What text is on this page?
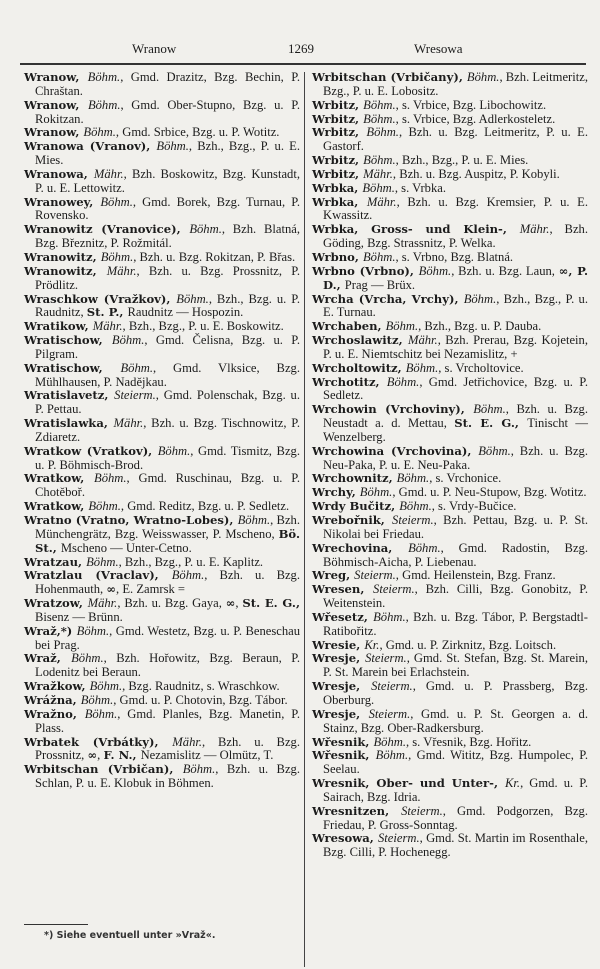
Wranow	1269	Wresowa
Wranow, Böhm., Gmd. Drazitz, Bzg. Bechin, P. Chraštan.
Wranow, Böhm., Gmd. Ober-Stupno, Bzg. u. P. Rokitzan.
Wranow, Böhm., Gmd. Srbice, Bzg. u. P. Wotitz.
Wranowa (Vranov), Böhm., Bzh., Bzg., P. u. E. Mies.
Wranowa, Mähr., Bzh. Boskowitz, Bzg. Kunstadt, P. u. E. Lettowitz.
Wranowey, Böhm., Gmd. Borek, Bzg. Turnau, P. Rovensko.
Wranowitz (Vranovice), Böhm., Bzh. Blatná, Bzg. Březnitz, P. Rožmitál.
Wranowitz, Böhm., Bzh. u. Bzg. Rokitzan, P. Břas.
Wranowitz, Mähr., Bzh. u. Bzg. Prossnitz, P. Prödlitz.
Wraschkow (Vražkov), Böhm., Bzh., Bzg. u. P. Raudnitz, St. P., Raudnitz — Hospozin.
Wratikow, Mähr., Bzh., Bzg., P. u. E. Boskowitz.
Wratischow, Böhm., Gmd. Čelisna, Bzg. u. P. Pilgram.
Wratischow, Böhm., Gmd. Vlksice, Bzg. Mühlhausen, P. Nadějkau.
Wratislavetz, Steierm., Gmd. Polenschak, Bzg. u. P. Pettau.
Wratislawka, Mähr., Bzh. u. Bzg. Tischnowitz, P. Zdiaretz.
Wratkow (Vratkov), Böhm., Gmd. Tismitz, Bzg. u. P. Böhmisch-Brod.
Wratkow, Böhm., Gmd. Ruschinau, Bzg. u. P. Chotěboř.
Wratkow, Böhm., Gmd. Reditz, Bzg. u. P. Sedletz.
Wratno (Vratno, Wratno-Lobes), Böhm., Bzh. Münchengrätz, Bzg. Weisswasser, P. Mscheno, Bö. St., Mscheno — Unter-Cetno.
Wratzau, Böhm., Bzh., Bzg., P. u. E. Kaplitz.
Wratzlau (Vraclav), Böhm., Bzh. u. Bzg. Hohenmauth, ∞, E. Zamrsk =
Wratzow, Mähr., Bzh. u. Bzg. Gaya, ∞, St. E. G., Bisenz — Brünn.
Wraž,*) Böhm., Gmd. Westetz, Bzg. u. P. Beneschau bei Prag.
Wraž, Böhm., Bzh. Hořowitz, Bzg. Beraun, P. Lodenitz bei Beraun.
Wražkow, Böhm., Bzg. Raudnitz, s. Wraschkow.
Wrážna, Böhm., Gmd. u. P. Chotovin, Bzg. Tábor.
Wražno, Böhm., Gmd. Planles, Bzg. Manetin, P. Plass.
Wrbatek (Vrbátky), Mähr., Bzh. u. Bzg. Prossnitz, ∞, F. N., Nezamislitz — Olmütz, T.
Wrbitschan (Vrbičan), Böhm., Bzh. u. Bzg. Schlan, P. u. E. Klobuk in Böhmen.
Wrbitschan (Vrbičany), Böhm., Bzh. Leitmeritz, Bzg., P. u. E. Lobositz.
Wrbitz, Böhm., s. Vrbice, Bzg. Libochowitz.
Wrbitz, Böhm., s. Vrbice, Bzg. Adlerkosteletz.
Wrbitz, Böhm., Bzh. u. Bzg. Leitmeritz, P. u. E. Gastorf.
Wrbitz, Böhm., Bzh., Bzg., P. u. E. Mies.
Wrbitz, Mähr., Bzh. u. Bzg. Auspitz, P. Kobyli.
Wrbka, Böhm., s. Vrbka.
Wrbka, Mähr., Bzh. u. Bzg. Kremsier, P. u. E. Kwassitz.
Wrbka, Gross- und Klein-, Mähr., Bzh. Göding, Bzg. Strassnitz, P. Welka.
Wrbno, Böhm., s. Vrbno, Bzg. Blatná.
Wrbno (Vrbno), Böhm., Bzh. u. Bzg. Laun, ∞, P. D., Prag — Brüx.
Wrcha (Vrcha, Vrchy), Böhm., Bzh., Bzg., P. u. E. Turnau.
Wrchaben, Böhm., Bzh., Bzg. u. P. Dauba.
Wrchoslawitz, Mähr., Bzh. Prerau, Bzg. Kojetein, P. u. E. Niemtschitz bei Nezamislitz, +
Wrcholtowitz, Böhm., s. Vrcholtovice.
Wrchotitz, Böhm., Gmd. Jetřichovice, Bzg. u. P. Sedletz.
Wrchowin (Vrchoviny), Böhm., Bzh. u. Bzg. Neustadt a. d. Mettau, St. E. G., Tinischt — Wenzelberg.
Wrchowina (Vrchovina), Böhm., Bzh. u. Bzg. Neu-Paka, P. u. E. Neu-Paka.
Wrchownitz, Böhm., s. Vrchonice.
Wrchy, Böhm., Gmd. u. P. Neu-Stupow, Bzg. Wotitz.
Wrdy Bučitz, Böhm., s. Vrdy-Bučice.
Wrebořnik, Steierm., Bzh. Pettau, Bzg. u. P. St. Nikolai bei Friedau.
Wrechovina, Böhm., Gmd. Radostin, Bzg. Böhmisch-Aicha, P. Liebenau.
Wreg, Steierm., Gmd. Heilenstein, Bzg. Franz.
Wresen, Steierm., Bzh. Cilli, Bzg. Gonobitz, P. Weitenstein.
Wřesetz, Böhm., Bzh. u. Bzg. Tábor, P. Bergstadtl-Ratibořitz.
Wresie, Kr., Gmd. u. P. Zirknitz, Bzg. Loitsch.
Wresje, Steierm., Gmd. St. Stefan, Bzg. St. Marein, P. St. Marein bei Erlachstein.
Wresje, Steierm., Gmd. u. P. Prassberg, Bzg. Oberburg.
Wresje, Steierm., Gmd. u. P. St. Georgen a. d. Stainz, Bzg. Ober-Radkersburg.
Wřesnik, Böhm., s. Vřesnik, Bzg. Hořitz.
Wřesnik, Böhm., Gmd. Wititz, Bzg. Humpolec, P. Seelau.
Wresnik, Ober- und Unter-, Kr., Gmd. u. P. Sairach, Bzg. Idria.
Wresnitzen, Steierm., Gmd. Podgorzen, Bzg. Friedau, P. Gross-Sonntag.
Wresowa, Steierm., Gmd. St. Martin im Rosenthale, Bzg. Cilli, P. Hochenegg.
*) Siehe eventuell unter »Vraž«.
